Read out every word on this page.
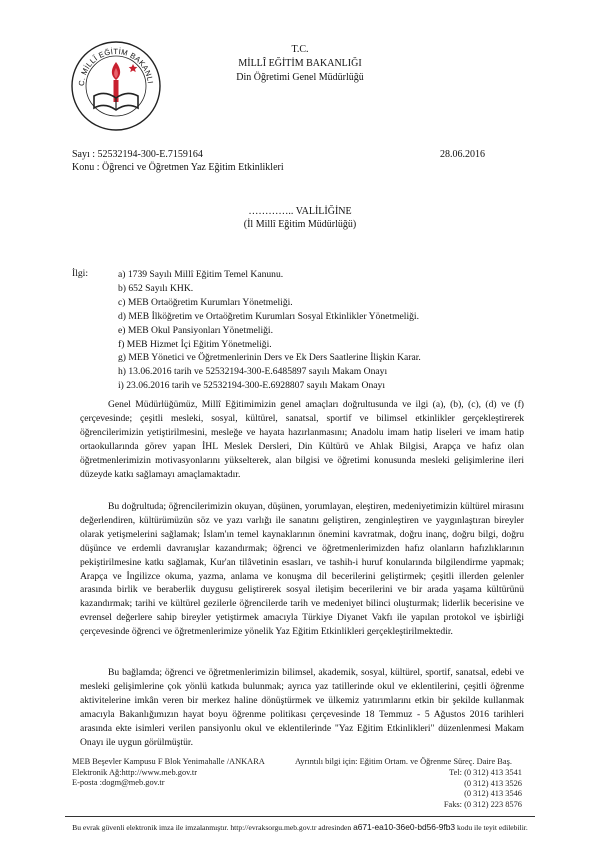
C. MİLLÎ EĞİTİM BAKANLI
T.C.
MİLLÎ EĞİTİM BAKANLIĞI
Din Öğretimi Genel Müdürlüğü
Sayı : 52532194-300-E.7159164	28.06.2016
Konu : Öğrenci ve Öğretmen Yaz Eğitim Etkinlikleri
………….. VALİLİĞİNE
(İl Millî Eğitim Müdürlüğü)
İlgi:	a) 1739 Sayılı Millî Eğitim Temel Kanunu.
b) 652 Sayılı KHK.
c) MEB Ortaöğretim Kurumları Yönetmeliği.
d) MEB İlköğretim ve Ortaöğretim Kurumları Sosyal Etkinlikler Yönetmeliği.
e) MEB Okul Pansiyonları Yönetmeliği.
f) MEB Hizmet İçi Eğitim Yönetmeliği.
g) MEB Yönetici ve Öğretmenlerinin Ders ve Ek Ders Saatlerine İlişkin Karar.
h) 13.06.2016 tarih ve 52532194-300-E.6485897 sayılı Makam Onayı
i) 23.06.2016 tarih ve 52532194-300-E.6928807 sayılı Makam Onayı

Genel Müdürlüğümüz, Millî Eğitimimizin genel amaçları doğrultusunda ve ilgi (a), (b), (c), (d) ve (f) çerçevesinde; çeşitli mesleki, sosyal, kültürel, sanatsal, sportif ve bilimsel etkinlikler gerçekleştirerek öğrencilerimizin yetiştirilmesini, mesleğe ve hayata hazırlanmasını; Anadolu imam hatip liseleri ve imam hatip ortaokullarında görev yapan İHL Meslek Dersleri, Din Kültürü ve Ahlak Bilgisi, Arapça ve hafız olan öğretmenlerimizin motivasyonlarını yükselterek, alan bilgisi ve öğretimi konusunda mesleki gelişimlerine ileri düzeyde katkı sağlamayı amaçlamaktadır.

Bu doğrultuda; öğrencilerimizin okuyan, düşünen, yorumlayan, eleştiren, medeniyetimizin kültürel mirasını değerlendiren, kültürümüzün söz ve yazı varlığı ile sanatını geliştiren, zenginleştiren ve yaygınlaştıran bireyler olarak yetişmelerini sağlamak; İslam'ın temel kaynaklarının önemini kavratmak, doğru inanç, doğru bilgi, doğru düşünce ve erdemli davranışlar kazandırmak; öğrenci ve öğretmenlerimizden hafız olanların hafızlıklarının pekiştirilmesine katkı sağlamak, Kur'an tilâvetinin esasları, ve tashih-i huruf konularında bilgilendirme yapmak; Arapça ve İngilizce okuma, yazma, anlama ve konuşma dil becerilerini geliştirmek; çeşitli illerden gelenler arasında birlik ve beraberlik duygusu geliştirerek sosyal iletişim becerilerini ve bir arada yaşama kültürünü kazandırmak; tarihi ve kültürel gezilerle öğrencilerde tarih ve medeniyet bilinci oluşturmak; liderlik becerisine ve evrensel değerlere sahip bireyler yetiştirmek amacıyla Türkiye Diyanet Vakfı ile yapılan protokol ve işbirliği çerçevesinde öğrenci ve öğretmenlerimize yönelik Yaz Eğitim Etkinlikleri gerçekleştirilmektedir.

Bu bağlamda; öğrenci ve öğretmenlerimizin bilimsel, akademik, sosyal, kültürel, sportif, sanatsal, edebi ve mesleki gelişimlerine çok yönlü katkıda bulunmak; ayrıca yaz tatillerinde okul ve eklentilerini, çeşitli öğrenme aktivitelerine imkân veren bir merkez haline dönüştürmek ve ülkemiz yatırımlarını etkin bir şekilde kullanmak amacıyla Bakanlığımızın hayat boyu öğrenme politikası çerçevesinde 18 Temmuz - 5 Ağustos 2016 tarihleri arasında ekte isimleri verilen pansiyonlu okul ve eklentilerinde "Yaz Eğitim Etkinlikleri" düzenlenmesi Makam Onayı ile uygun görülmüştür.

MEB Beşevler Kampusu F Blok Yenimahalle /ANKARA
Elektronik Ağ:http://www.meb.gov.tr
E-posta :dogm@meb.gov.tr
Ayrıntılı bilgi için: Eğitim Ortam. ve Öğrenme Süreç. Daire Baş.
Tel: (0 312) 413 3541
(0 312) 413 3526
(0 312) 413 3546
Faks: (0 312) 223 8576
Bu evrak güvenli elektronik imza ile imzalanmıştır. http://evraksorgu.meb.gov.tr adresinden a671-ea10-36e0-bd56-9fb3 kodu ile teyit edilebilir.
